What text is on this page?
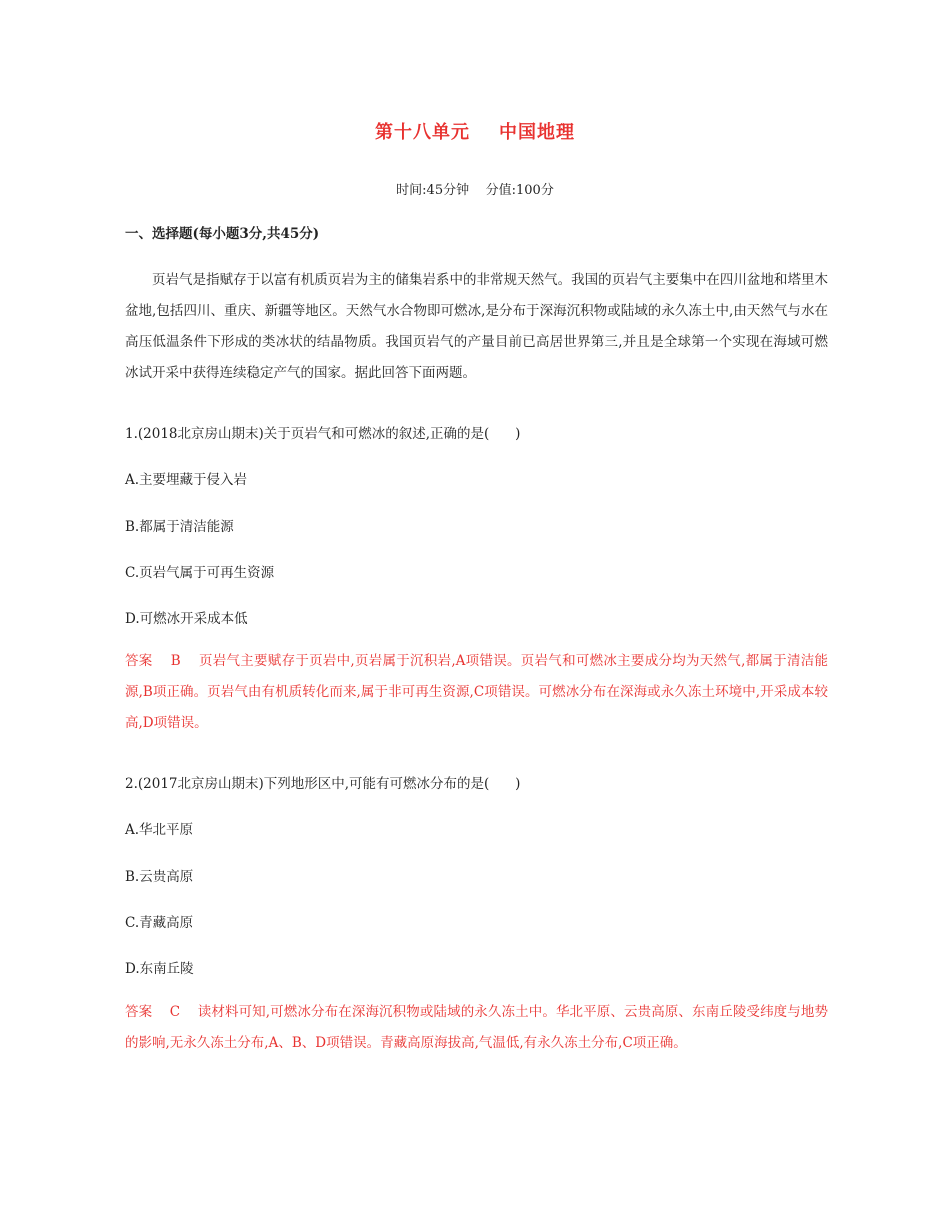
第十八单元    中国地理
时间:45分钟    分值:100分
一、选择题(每小题3分,共45分)
页岩气是指赋存于以富有机质页岩为主的储集岩系中的非常规天然气。我国的页岩气主要集中在四川盆地和塔里木盆地,包括四川、重庆、新疆等地区。天然气水合物即可燃冰,是分布于深海沉积物或陆域的永久冻土中,由天然气与水在高压低温条件下形成的类冰状的结晶物质。我国页岩气的产量目前已高居世界第三,并且是全球第一个实现在海域可燃冰试开采中获得连续稳定产气的国家。据此回答下面两题。
1.(2018北京房山期末)关于页岩气和可燃冰的叙述,正确的是(      )
A.主要埋藏于侵入岩
B.都属于清洁能源
C.页岩气属于可再生资源
D.可燃冰开采成本低
答案    B    页岩气主要赋存于页岩中,页岩属于沉积岩,A项错误。页岩气和可燃冰主要成分均为天然气,都属于清洁能源,B项正确。页岩气由有机质转化而来,属于非可再生资源,C项错误。可燃冰分布在深海或永久冻土环境中,开采成本较高,D项错误。
2.(2017北京房山期末)下列地形区中,可能有可燃冰分布的是(      )
A.华北平原
B.云贵高原
C.青藏高原
D.东南丘陵
答案    C    读材料可知,可燃冰分布在深海沉积物或陆域的永久冻土中。华北平原、云贵高原、东南丘陵受纬度与地势的影响,无永久冻土分布,A、B、D项错误。青藏高原海拔高,气温低,有永久冻土分布,C项正确。
